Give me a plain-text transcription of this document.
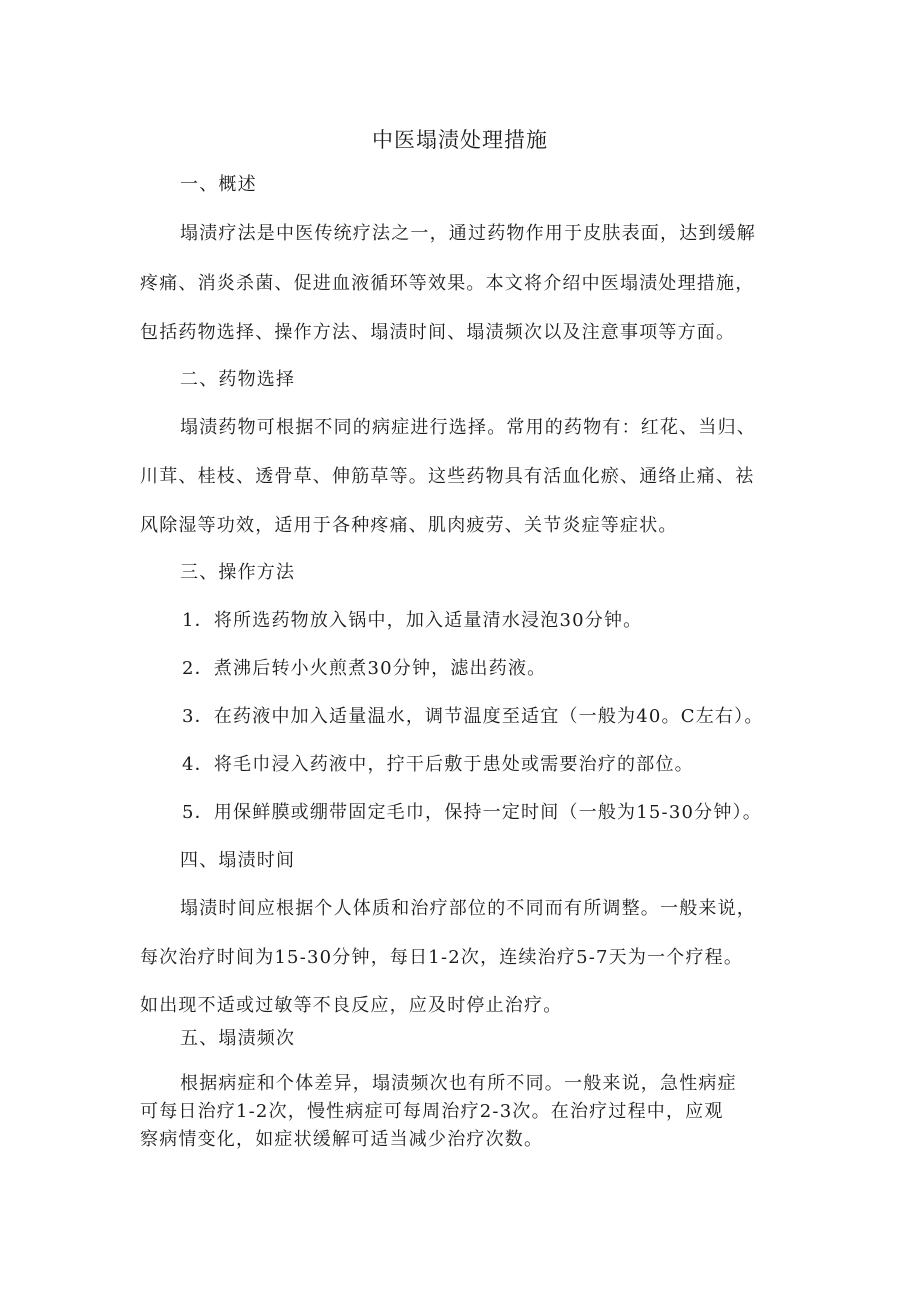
中医塌渍处理措施
一、概述
塌渍疗法是中医传统疗法之一，通过药物作用于皮肤表面，达到缓解
疼痛、消炎杀菌、促进血液循环等效果。本文将介绍中医塌渍处理措施，
包括药物选择、操作方法、塌渍时间、塌渍频次以及注意事项等方面。
二、药物选择
塌渍药物可根据不同的病症进行选择。常用的药物有：红花、当归、
川茸、桂枝、透骨草、伸筋草等。这些药物具有活血化瘀、通络止痛、祛
风除湿等功效，适用于各种疼痛、肌肉疲劳、关节炎症等症状。
三、操作方法
1．将所选药物放入锅中，加入适量清水浸泡30分钟。
2．煮沸后转小火煎煮30分钟，滤出药液。
3．在药液中加入适量温水，调节温度至适宜（一般为40。C左右）。
4．将毛巾浸入药液中，拧干后敷于患处或需要治疗的部位。
5．用保鲜膜或绷带固定毛巾，保持一定时间（一般为15-30分钟）。
四、塌渍时间
塌渍时间应根据个人体质和治疗部位的不同而有所调整。一般来说，
每次治疗时间为15-30分钟，每日1-2次，连续治疗5-7天为一个疗程。
如出现不适或过敏等不良反应，应及时停止治疗。
五、塌渍频次
根据病症和个体差异，塌渍频次也有所不同。一般来说，急性病症
可每日治疗1-2次，慢性病症可每周治疗2-3次。在治疗过程中，应观
察病情变化，如症状缓解可适当减少治疗次数。
